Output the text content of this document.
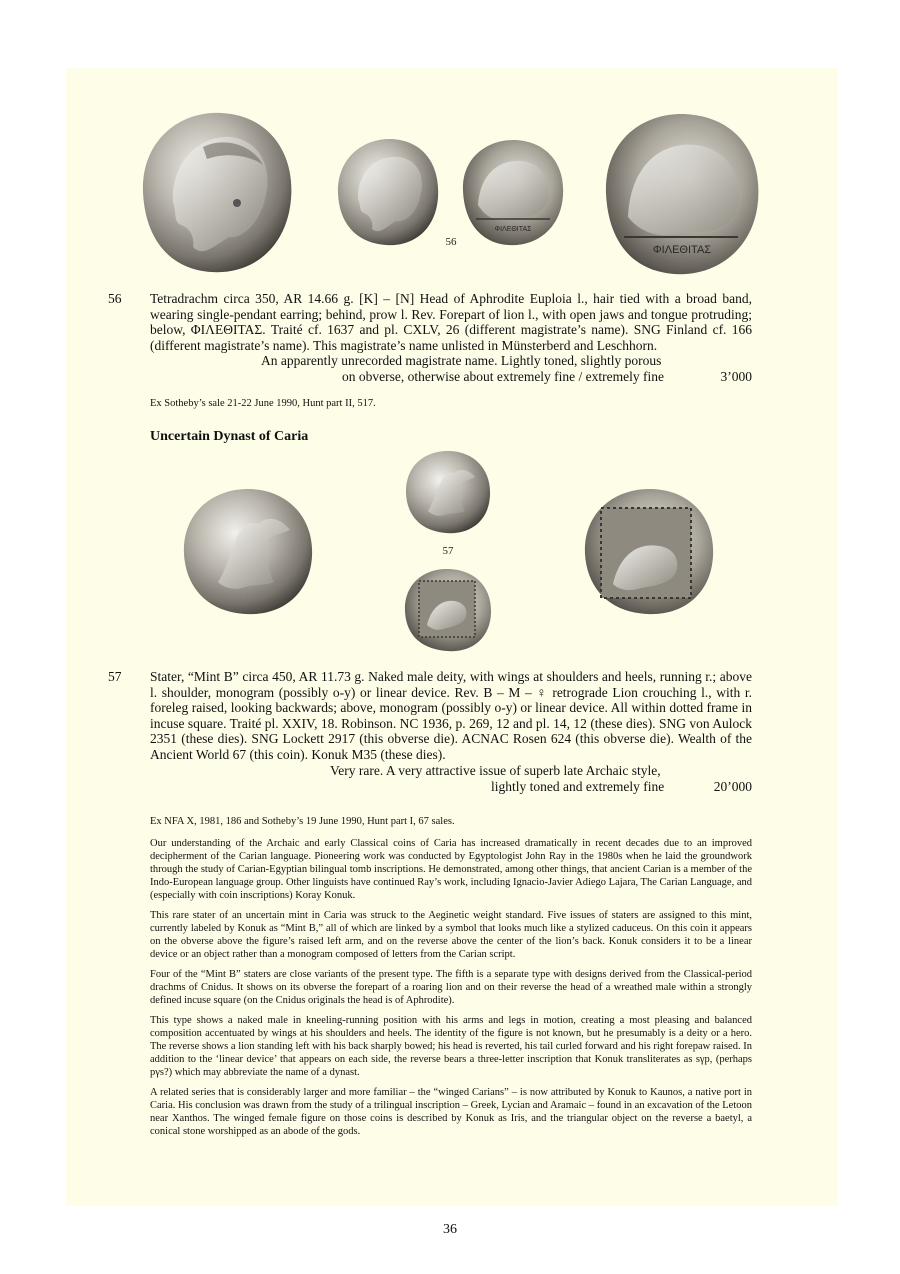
ΦΙΛΕΘΙΤΑΣ
ΦΙΛΕΘΙΤΑΣ
56
56 Tetradrachm circa 350, AR 14.66 g. [K] – [N] Head of Aphrodite Euploia l., hair tied with a broad band, wearing single-pendant earring; behind, prow l. Rev. Forepart of lion l., with open jaws and tongue protruding; below, ΦΙΛΕΘΙΤΑΣ. Traité cf. 1637 and pl. CXLV, 26 (different magistrate’s name). SNG Finland cf. 166 (different magistrate’s name). This magistrate’s name unlisted in Münsterberd and Leschhorn.

An apparently unrecorded magistrate name. Lightly toned, slightly porous
on obverse, otherwise about extremely fine / extremely fine	3’000
Ex Sotheby’s sale 21-22 June 1990, Hunt part II, 517.
Uncertain Dynast of Caria
57
57 Stater, “Mint B” circa 450, AR 11.73 g. Naked male deity, with wings at shoulders and heels, running r.; above l. shoulder, monogram (possibly o-y) or linear device. Rev. B – M – ♀ retrograde Lion crouching l., with r. foreleg raised, looking backwards; above, monogram (possibly o-y) or linear device. All within dotted frame in incuse square. Traité pl. XXIV, 18. Robinson. NC 1936, p. 269, 12 and pl. 14, 12 (these dies). SNG von Aulock 2351 (these dies). SNG Lockett 2917 (this obverse die). ACNAC Rosen 624 (this obverse die). Wealth of the Ancient World 67 (this coin). Konuk M35 (these dies).

Very rare. A very attractive issue of superb late Archaic style,
lightly toned and extremely fine	20’000
Ex NFA X, 1981, 186 and Sotheby’s 19 June 1990, Hunt part I, 67 sales.

Our understanding of the Archaic and early Classical coins of Caria has increased dramatically in recent decades due to an improved decipherment of the Carian language. Pioneering work was conducted by Egyptologist John Ray in the 1980s when he laid the groundwork through the study of Carian-Egyptian bilingual tomb inscriptions. He demonstrated, among other things, that ancient Carian is a member of the Indo-European language group. Other linguists have continued Ray’s work, including Ignacio-Javier Adiego Lajara, The Carian Language, and (especially with coin inscriptions) Koray Konuk.

This rare stater of an uncertain mint in Caria was struck to the Aeginetic weight standard. Five issues of staters are assigned to this mint, currently labeled by Konuk as “Mint B,” all of which are linked by a symbol that looks much like a stylized caduceus. On this coin it appears on the obverse above the figure’s raised left arm, and on the reverse above the center of the lion’s back. Konuk considers it to be a linear device or an object rather than a monogram composed of letters from the Carian script.

Four of the “Mint B” staters are close variants of the present type. The fifth is a separate type with designs derived from the Classical-period drachms of Cnidus. It shows on its obverse the forepart of a roaring lion and on their reverse the head of a wreathed male within a strongly defined incuse square (on the Cnidus originals the head is of Aphrodite).

This type shows a naked male in kneeling-running position with his arms and legs in motion, creating a most pleasing and balanced composition accentuated by wings at his shoulders and heels. The identity of the figure is not known, but he presumably is a deity or a hero. The reverse shows a lion standing left with his back sharply bowed; his head is reverted, his tail curled forward and his right forepaw raised. In addition to the ‘linear device’ that appears on each side, the reverse bears a three-letter inscription that Konuk transliterates as sγp, (perhaps pγs?) which may abbreviate the name of a dynast.

A related series that is considerably larger and more familiar – the “winged Carians” – is now attributed by Konuk to Kaunos, a native port in Caria. His conclusion was drawn from the study of a trilingual inscription – Greek, Lycian and Aramaic – found in an excavation of the Letoon near Xanthos. The winged female figure on those coins is described by Konuk as Iris, and the triangular object on the reverse a baetyl, a conical stone worshipped as an abode of the gods.

36
